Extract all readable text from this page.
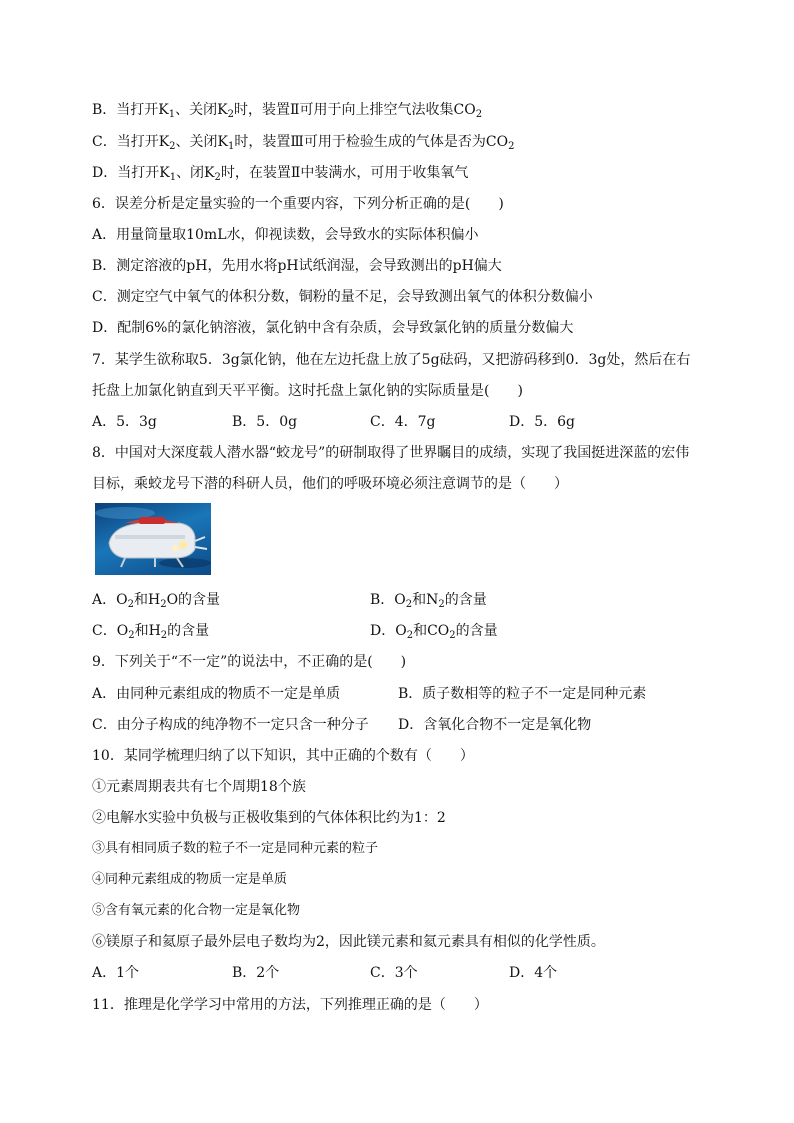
B．当打开$K_1$、关闭$K_2$时，装置Ⅱ可用于向上排空气法收集$CO_2$
C．当打开$K_2$、关闭$K_1$时，装置Ⅲ可用于检验生成的气体是否为$CO_2$
D．当打开$K_1$、闭$K_2$时，在装置Ⅱ中装满水，可用于收集氧气
6．误差分析是定量实验的一个重要内容，下列分析正确的是(　　)
A．用量筒量取10mL水，仰视读数，会导致水的实际体积偏小
B．测定溶液的pH，先用水将pH试纸润湿，会导致测出的pH偏大
C．测定空气中氧气的体积分数，铜粉的量不足，会导致测出氧气的体积分数偏小
D．配制6%的氯化钠溶液，氯化钠中含有杂质，会导致氯化钠的质量分数偏大
7．某学生欲称取5．3g氯化钠，他在左边托盘上放了5g砝码，又把游码移到0．3g处，然后在右
托盘上加氯化钠直到天平平衡。这时托盘上氯化钠的实际质量是(　　)
A．5．3g	B．5．0g	C．4．7g	D．5．6g
8．中国对大深度载人潜水器“蛟龙号”的研制取得了世界瞩目的成绩，实现了我国挺进深蓝的宏伟
目标，乘蛟龙号下潜的科研人员，他们的呼吸环境必须注意调节的是（　　）
A．$O_2$和$H_2O$的含量	B．$O_2$和$N_2$的含量
C．$O_2$和$H_2$的含量	D．$O_2$和$CO_2$的含量
9．下列关于“不一定”的说法中，不正确的是(　　)
A．由同种元素组成的物质不一定是单质	B．质子数相等的粒子不一定是同种元素
C．由分子构成的纯净物不一定只含一种分子 D．含氧化合物不一定是氧化物
10．某同学梳理归纳了以下知识，其中正确的个数有（　　）
①元素周期表共有七个周期18个族
②电解水实验中负极与正极收集到的气体体积比约为1：2
③具有相同质子数的粒子不一定是同种元素的粒子
④同种元素组成的物质一定是单质
⑤含有氧元素的化合物一定是氧化物
⑥镁原子和氦原子最外层电子数均为2，因此镁元素和氦元素具有相似的化学性质。
A．1个	B．2个	C．3个	D．4个
11．推理是化学学习中常用的方法，下列推理正确的是（　　）
